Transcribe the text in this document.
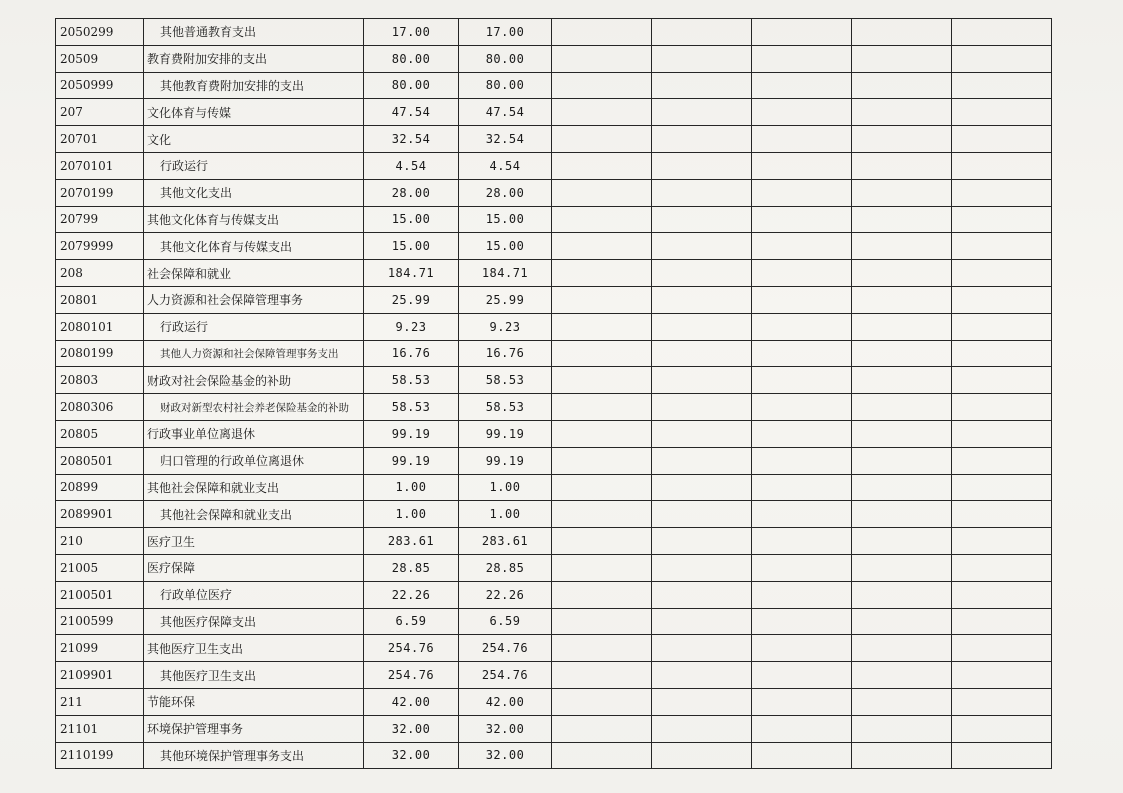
2050299	其他普通教育支出	17.00	17.00					
20509	教育费附加安排的支出	80.00	80.00					
2050999	其他教育费附加安排的支出	80.00	80.00					
207	文化体育与传媒	47.54	47.54					
20701	文化	32.54	32.54					
2070101	行政运行	4.54	4.54					
2070199	其他文化支出	28.00	28.00					
20799	其他文化体育与传媒支出	15.00	15.00					
2079999	其他文化体育与传媒支出	15.00	15.00					
208	社会保障和就业	184.71	184.71					
20801	人力资源和社会保障管理事务	25.99	25.99					
2080101	行政运行	9.23	9.23					
2080199	其他人力资源和社会保障管理事务支出	16.76	16.76					
20803	财政对社会保险基金的补助	58.53	58.53					
2080306	财政对新型农村社会养老保险基金的补助	58.53	58.53					
20805	行政事业单位离退休	99.19	99.19					
2080501	归口管理的行政单位离退休	99.19	99.19					
20899	其他社会保障和就业支出	1.00	1.00					
2089901	其他社会保障和就业支出	1.00	1.00					
210	医疗卫生	283.61	283.61					
21005	医疗保障	28.85	28.85					
2100501	行政单位医疗	22.26	22.26					
2100599	其他医疗保障支出	6.59	6.59					
21099	其他医疗卫生支出	254.76	254.76					
2109901	其他医疗卫生支出	254.76	254.76					
211	节能环保	42.00	42.00					
21101	环境保护管理事务	32.00	32.00					
2110199	其他环境保护管理事务支出	32.00	32.00					
